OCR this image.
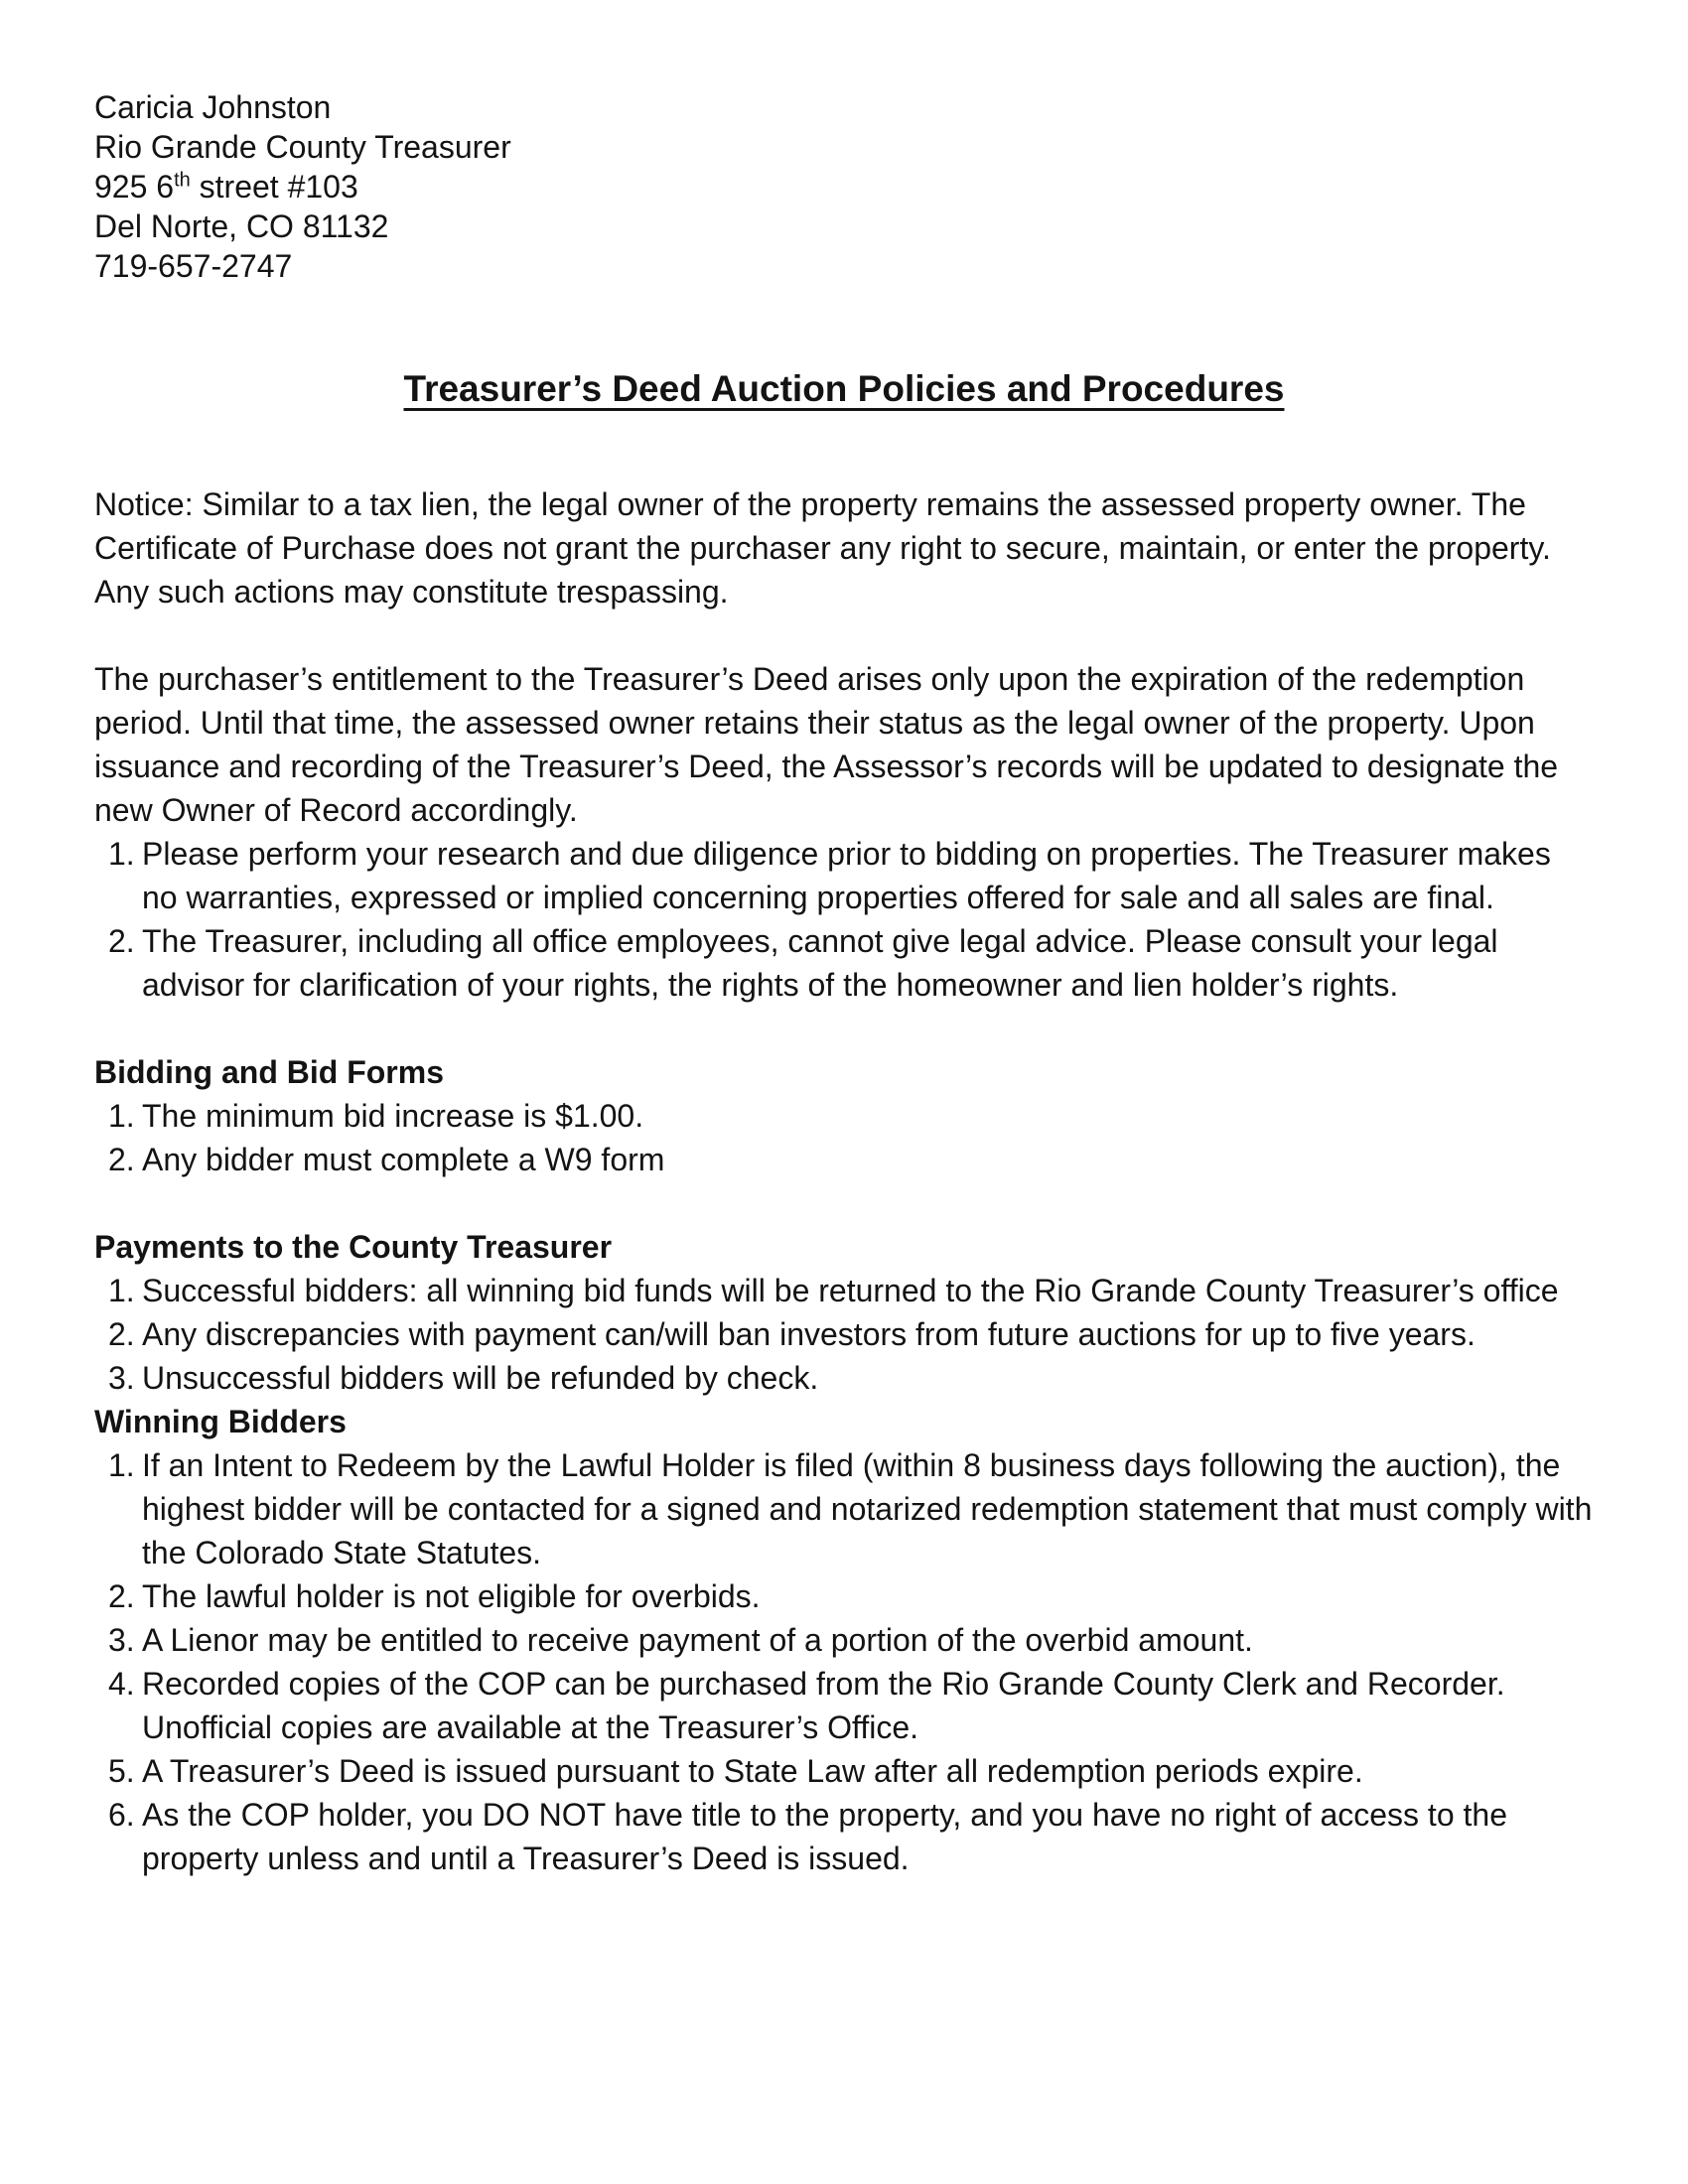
Caricia Johnston
Rio Grande County Treasurer
925 6th street #103
Del Norte, CO 81132
719-657-2747
Treasurer’s Deed Auction Policies and Procedures

Notice: Similar to a tax lien, the legal owner of the property remains the assessed property owner. The Certificate of Purchase does not grant the purchaser any right to secure, maintain, or enter the property. Any such actions may constitute trespassing.

The purchaser’s entitlement to the Treasurer’s Deed arises only upon the expiration of the redemption period. Until that time, the assessed owner retains their status as the legal owner of the property. Upon issuance and recording of the Treasurer’s Deed, the Assessor’s records will be updated to designate the new Owner of Record accordingly.

1. Please perform your research and due diligence prior to bidding on properties. The Treasurer makes no warranties, expressed or implied concerning properties offered for sale and all sales are final.
2. The Treasurer, including all office employees, cannot give legal advice. Please consult your legal advisor for clarification of your rights, the rights of the homeowner and lien holder’s rights.
Bidding and Bid Forms
1. The minimum bid increase is $1.00.
2. Any bidder must complete a W9 form
Payments to the County Treasurer
1. Successful bidders: all winning bid funds will be returned to the Rio Grande County Treasurer’s office
2. Any discrepancies with payment can/will ban investors from future auctions for up to five years.
3. Unsuccessful bidders will be refunded by check.
Winning Bidders
1. If an Intent to Redeem by the Lawful Holder is filed (within 8 business days following the auction), the highest bidder will be contacted for a signed and notarized redemption statement that must comply with the Colorado State Statutes.
2. The lawful holder is not eligible for overbids.
3. A Lienor may be entitled to receive payment of a portion of the overbid amount.
4. Recorded copies of the COP can be purchased from the Rio Grande County Clerk and Recorder. Unofficial copies are available at the Treasurer’s Office.
5. A Treasurer’s Deed is issued pursuant to State Law after all redemption periods expire.
6. As the COP holder, you DO NOT have title to the property, and you have no right of access to the property unless and until a Treasurer’s Deed is issued.
